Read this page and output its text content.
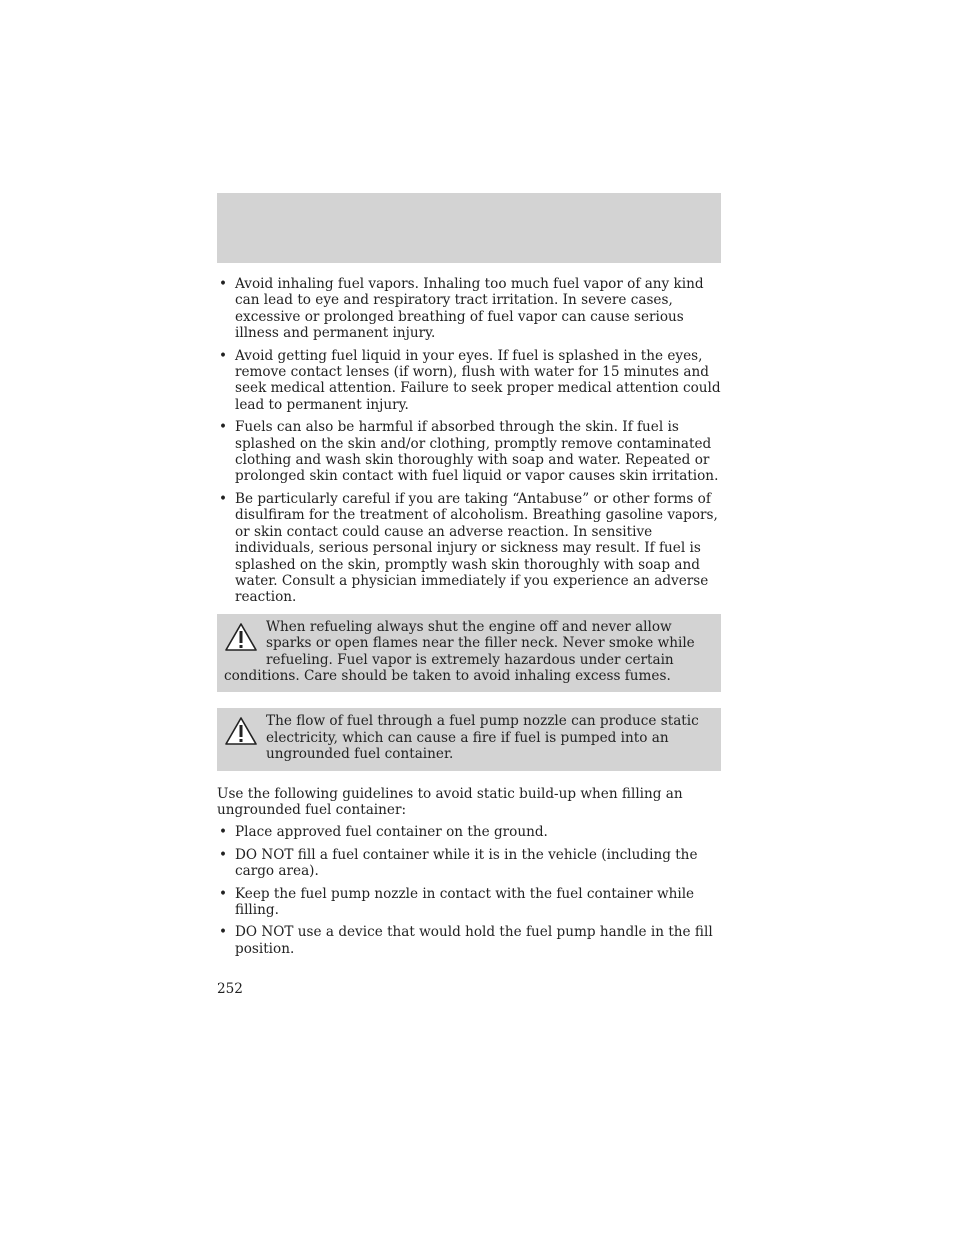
• Avoid inhaling fuel vapors. Inhaling too much fuel vapor of any kind can lead to eye and respiratory tract irritation. In severe cases, excessive or prolonged breathing of fuel vapor can cause serious illness and permanent injury.
• Avoid getting fuel liquid in your eyes. If fuel is splashed in the eyes, remove contact lenses (if worn), flush with water for 15 minutes and seek medical attention. Failure to seek proper medical attention could lead to permanent injury.
• Fuels can also be harmful if absorbed through the skin. If fuel is splashed on the skin and/or clothing, promptly remove contaminated clothing and wash skin thoroughly with soap and water. Repeated or prolonged skin contact with fuel liquid or vapor causes skin irritation.
• Be particularly careful if you are taking “Antabuse” or other forms of disulfiram for the treatment of alcoholism. Breathing gasoline vapors, or skin contact could cause an adverse reaction. In sensitive individuals, serious personal injury or sickness may result. If fuel is splashed on the skin, promptly wash skin thoroughly with soap and water. Consult a physician immediately if you experience an adverse reaction.

When refueling always shut the engine off and never allow sparks or open flames near the filler neck. Never smoke while refueling. Fuel vapor is extremely hazardous under certain conditions. Care should be taken to avoid inhaling excess fumes.

The flow of fuel through a fuel pump nozzle can produce static electricity, which can cause a fire if fuel is pumped into an ungrounded fuel container.

Use the following guidelines to avoid static build-up when filling an ungrounded fuel container:

• Place approved fuel container on the ground.
• DO NOT fill a fuel container while it is in the vehicle (including the cargo area).
• Keep the fuel pump nozzle in contact with the fuel container while filling.
• DO NOT use a device that would hold the fuel pump handle in the fill position.
252
